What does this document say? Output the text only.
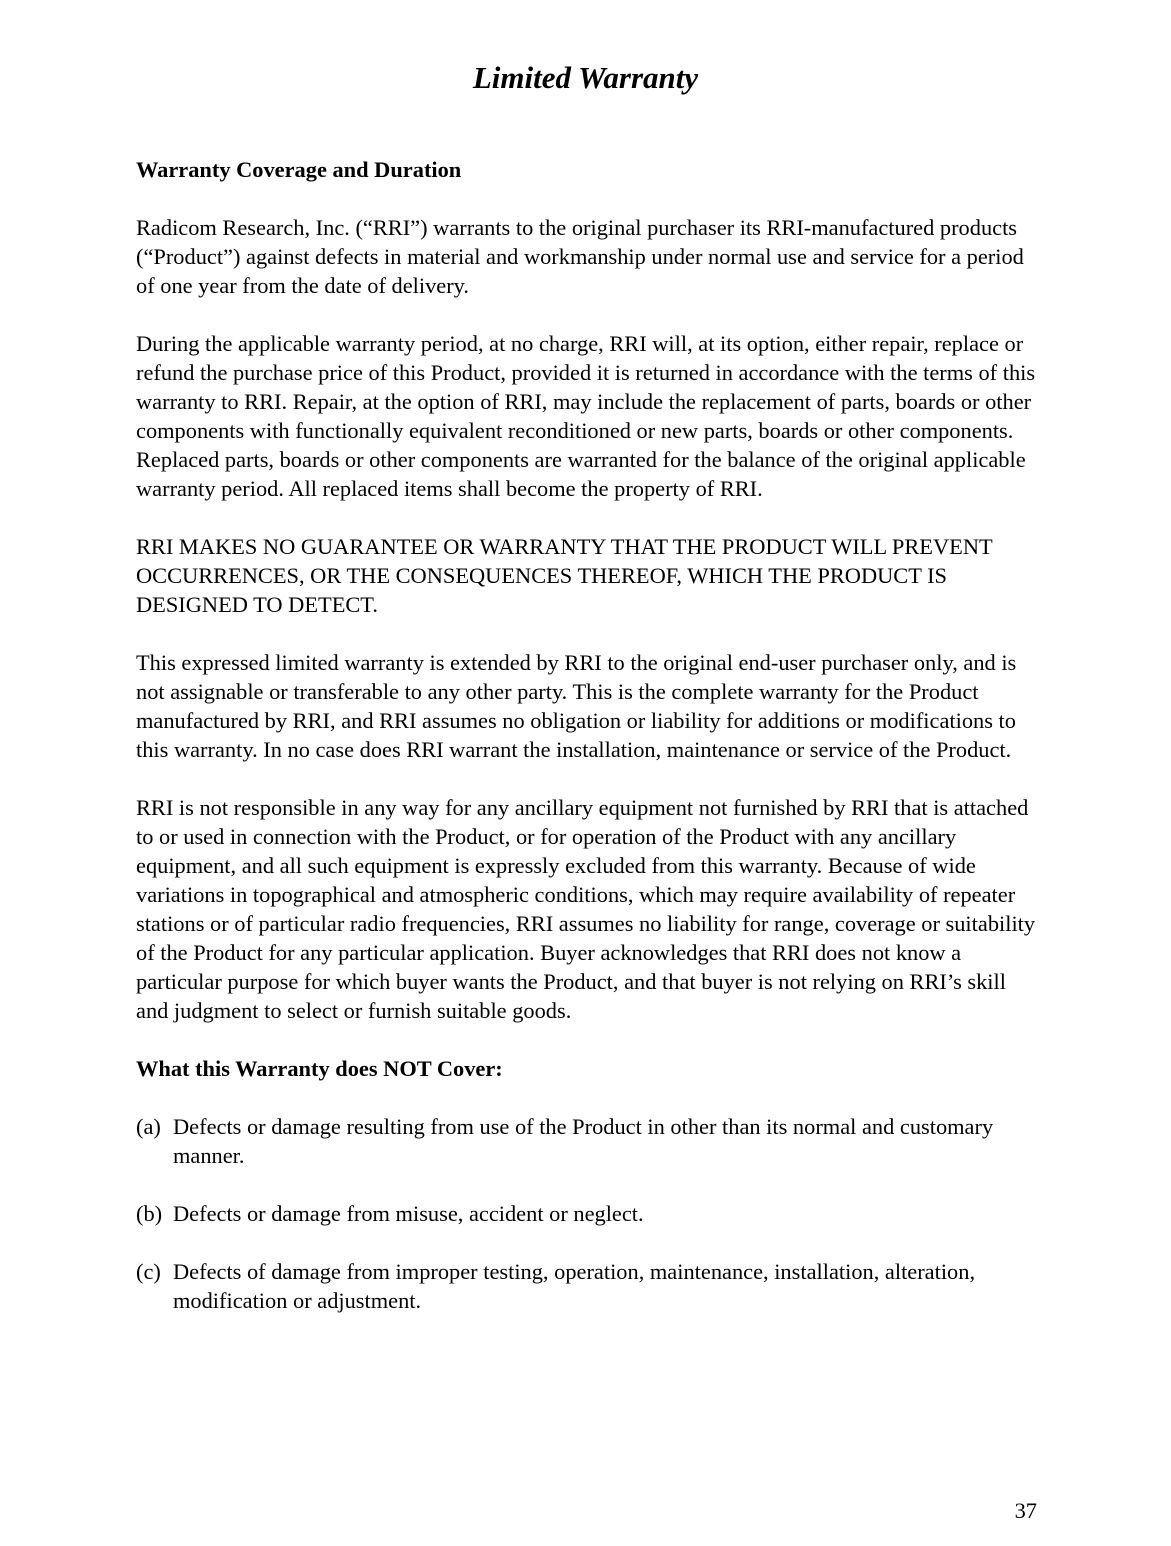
Limited Warranty

Warranty Coverage and Duration

Radicom Research, Inc. (“RRI”) warrants to the original purchaser its RRI-manufactured products (“Product”) against defects in material and workmanship under normal use and service for a period of one year from the date of delivery.

During the applicable warranty period, at no charge, RRI will, at its option, either repair, replace or refund the purchase price of this Product, provided it is returned in accordance with the terms of this warranty to RRI. Repair, at the option of RRI, may include the replacement of parts, boards or other components with functionally equivalent reconditioned or new parts, boards or other components. Replaced parts, boards or other components are warranted for the balance of the original applicable warranty period. All replaced items shall become the property of RRI.

RRI MAKES NO GUARANTEE OR WARRANTY THAT THE PRODUCT WILL PREVENT OCCURRENCES, OR THE CONSEQUENCES THEREOF, WHICH THE PRODUCT IS DESIGNED TO DETECT.

This expressed limited warranty is extended by RRI to the original end-user purchaser only, and is not assignable or transferable to any other party. This is the complete warranty for the Product manufactured by RRI, and RRI assumes no obligation or liability for additions or modifications to this warranty. In no case does RRI warrant the installation, maintenance or service of the Product.

RRI is not responsible in any way for any ancillary equipment not furnished by RRI that is attached to or used in connection with the Product, or for operation of the Product with any ancillary equipment, and all such equipment is expressly excluded from this warranty. Because of wide variations in topographical and atmospheric conditions, which may require availability of repeater stations or of particular radio frequencies, RRI assumes no liability for range, coverage or suitability of the Product for any particular application. Buyer acknowledges that RRI does not know a particular purpose for which buyer wants the Product, and that buyer is not relying on RRI’s skill and judgment to select or furnish suitable goods.

What this Warranty does NOT Cover:

(a) Defects or damage resulting from use of the Product in other than its normal and customary manner.
(b) Defects or damage from misuse, accident or neglect.
(c) Defects of damage from improper testing, operation, maintenance, installation, alteration, modification or adjustment.
37
